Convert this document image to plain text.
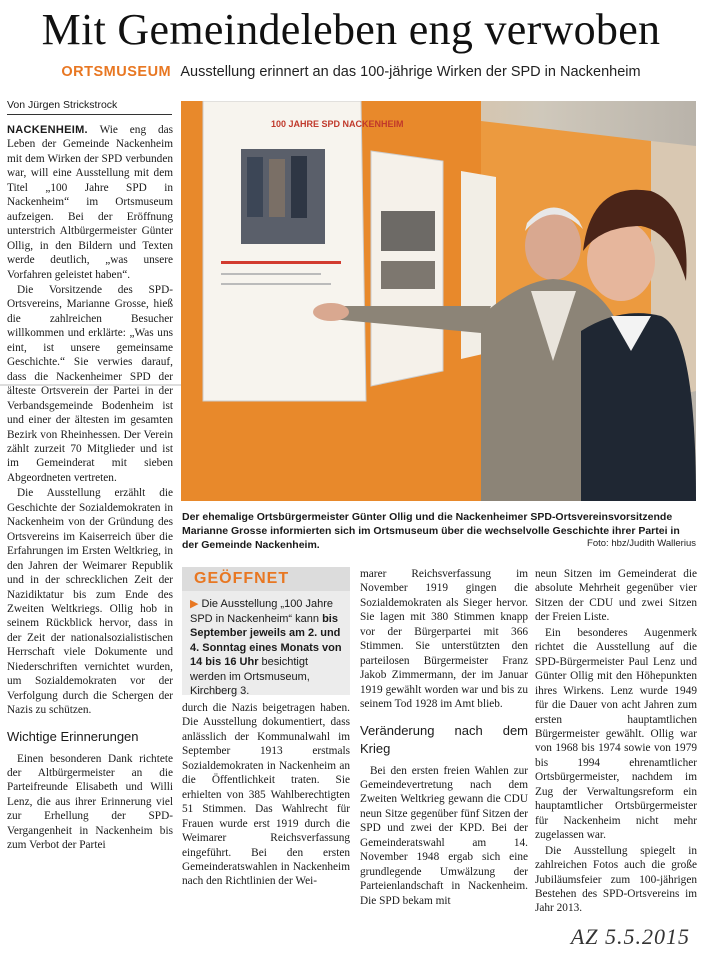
Mit Gemeindeleben eng verwoben
ORTSMUSEUM Ausstellung erinnert an das 100-jährige Wirken der SPD in Nackenheim
Von Jürgen Strickstrock

NACKENHEIM. Wie eng das Leben der Gemeinde Nackenheim mit dem Wirken der SPD verbunden war, will eine Ausstellung mit dem Titel „100 Jahre SPD in Nackenheim“ im Ortsmuseum aufzeigen. Bei der Eröffnung unterstrich Altbürgermeister Günter Ollig, in den Bildern und Texten werde deutlich, „was unsere Vorfahren geleistet haben“.

Die Vorsitzende des SPD-Ortsvereins, Marianne Grosse, hieß die zahlreichen Besucher willkommen und erklärte: „Was uns eint, ist unsere gemeinsame Geschichte.“ Sie verwies darauf, dass die Nackenheimer SPD der älteste Ortsverein der Partei in der Verbandsgemeinde Bodenheim ist und einer der ältesten im gesamten Bezirk von Rheinhessen. Der Verein zählt zurzeit 70 Mitglieder und ist im Gemeinderat mit sieben Abgeordneten vertreten.

Die Ausstellung erzählt die Geschichte der Sozialdemokraten in Nackenheim von der Gründung des Ortsvereins im Kaiserreich über die Erfahrungen im Ersten Weltkrieg, in den Jahren der Weimarer Republik und in der schrecklichen Zeit der Nazidiktatur bis zum Ende des Zweiten Weltkriegs. Ollig hob in seinem Rückblick hervor, dass in der Zeit der nationalsozialistischen Herrschaft viele Dokumente und Niederschriften vernichtet wurden, um Sozialdemokraten vor der Verfolgung durch die Schergen der Nazis zu schützen.

Wichtige Erinnerungen

Einen besonderen Dank richtete der Altbürgermeister an die Parteifreunde Elisabeth und Willi Lenz, die aus ihrer Erinnerung viel zur Erhellung der SPD-Vergangenheit in Nackenheim bis zum Verbot der Partei

100 JAHRE SPD NACKENHEIM
Der ehemalige Ortsbürgermeister Günter Ollig und die Nackenheimer SPD-Ortsvereinsvorsitzende Marianne Grosse informierten sich im Ortsmuseum über die wechselvolle Geschichte ihrer Partei in der Gemeinde Nackenheim.	Foto: hbz/Judith Wallerius
GEÖFFNET
▶ Die Ausstellung „100 Jahre SPD in Nackenheim“ kann bis September jeweils am 2. und 4. Sonntag eines Monats von 14 bis 16 Uhr besichtigt werden im Ortsmuseum, Kirchberg 3.

durch die Nazis beigetragen haben. Die Ausstellung dokumentiert, dass anlässlich der Kommunalwahl im September 1913 erstmals Sozialdemokraten in Nackenheim an die Öffentlichkeit traten. Sie erhielten von 385 Wahlberechtigten 51 Stimmen. Das Wahlrecht für Frauen wurde erst 1919 durch die Weimarer Reichsverfassung eingeführt. Bei den ersten Gemeinderatswahlen in Nackenheim nach den Richtlinien der Wei-

marer Reichsverfassung im November 1919 gingen die Sozialdemokraten als Sieger hervor. Sie lagen mit 380 Stimmen knapp vor der Bürgerpartei mit 366 Stimmen. Sie unterstützten den parteilosen Bürgermeister Franz Jakob Zimmermann, der im Januar 1919 gewählt worden war und bis zu seinem Tod 1928 im Amt blieb.

Veränderung nach dem Krieg

Bei den ersten freien Wahlen zur Gemeindevertretung nach dem Zweiten Weltkrieg gewann die CDU neun Sitze gegenüber fünf Sitzen der SPD und zwei der KPD. Bei der Gemeinderatswahl am 14. November 1948 ergab sich eine grundlegende Umwälzung der Parteienlandschaft in Nackenheim. Die SPD bekam mit

neun Sitzen im Gemeinderat die absolute Mehrheit gegenüber vier Sitzen der CDU und zwei Sitzen der Freien Liste.

Ein besonderes Augenmerk richtet die Ausstellung auf die SPD-Bürgermeister Paul Lenz und Günter Ollig mit den Höhepunkten ihres Wirkens. Lenz wurde 1949 für die Dauer von acht Jahren zum ersten hauptamtlichen Bürgermeister gewählt. Ollig war von 1968 bis 1974 sowie von 1979 bis 1994 ehrenamtlicher Ortsbürgermeister, nachdem im Zug der Verwaltungsreform ein hauptamtlicher Ortsbürgermeister für Nackenheim nicht mehr zugelassen war.

Die Ausstellung spiegelt in zahlreichen Fotos auch die große Jubiläumsfeier zum 100-jährigen Bestehen des SPD-Ortsvereins im Jahr 2013.

AZ 5.5.2015
